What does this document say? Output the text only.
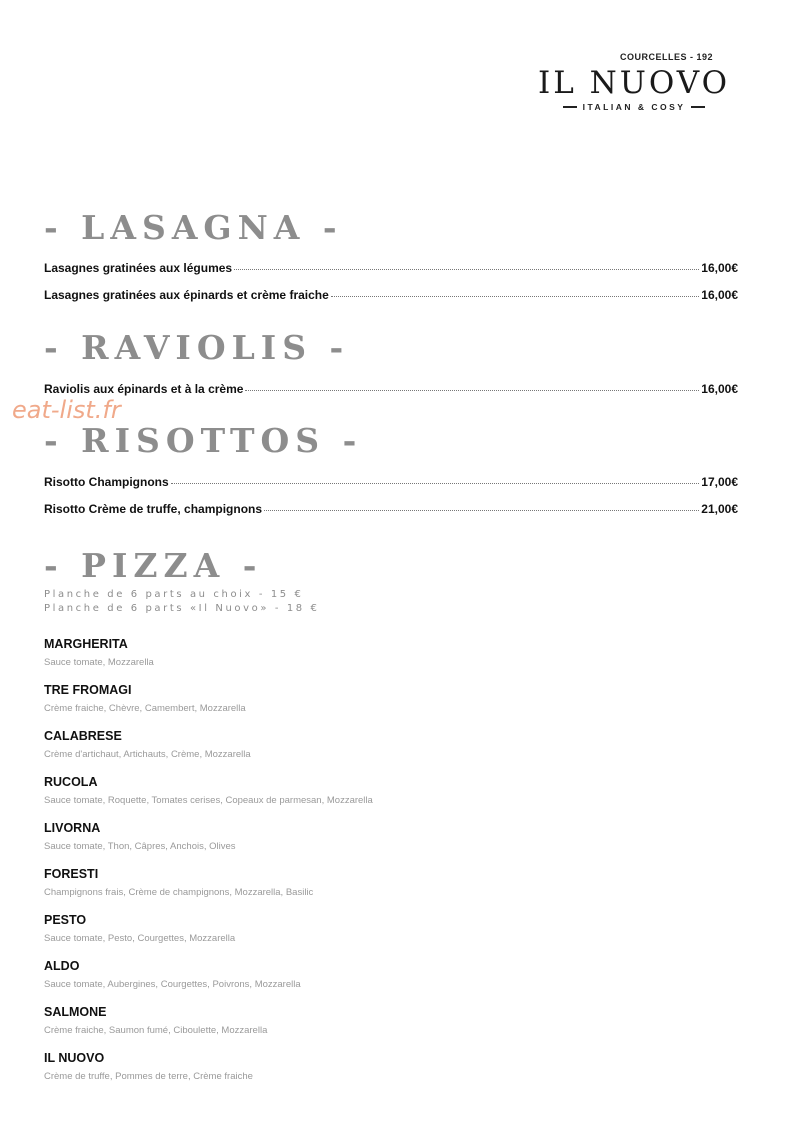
COURCELLES - 192
IL NUOVO
ITALIAN & COSY
- LASAGNA -
Lasagnes gratinées aux légumes	16,00€
Lasagnes gratinées aux épinards et crème fraiche	16,00€
- RAVIOLIS -
Raviolis aux épinards et à la crème	16,00€
eat-list.fr
- RISOTTOS -
Risotto Champignons	17,00€
Risotto Crème de truffe, champignons	21,00€
- PIZZA -
Planche de 6 parts au choix - 15 €
Planche de 6 parts «Il Nuovo» - 18 €
MARGHERITA
Sauce tomate, Mozzarella
TRE FROMAGI
Crème fraiche, Chèvre, Camembert, Mozzarella
CALABRESE
Crème d'artichaut, Artichauts, Crème, Mozzarella
RUCOLA
Sauce tomate, Roquette, Tomates cerises, Copeaux de parmesan, Mozzarella
LIVORNA
Sauce tomate, Thon, Câpres, Anchois, Olives
FORESTI
Champignons frais, Crème de champignons, Mozzarella, Basilic
PESTO
Sauce tomate, Pesto, Courgettes, Mozzarella
ALDO
Sauce tomate, Aubergines, Courgettes, Poivrons, Mozzarella
SALMONE
Crème fraiche, Saumon fumé, Ciboulette, Mozzarella
IL NUOVO
Crème de truffe, Pommes de terre, Crème fraiche
